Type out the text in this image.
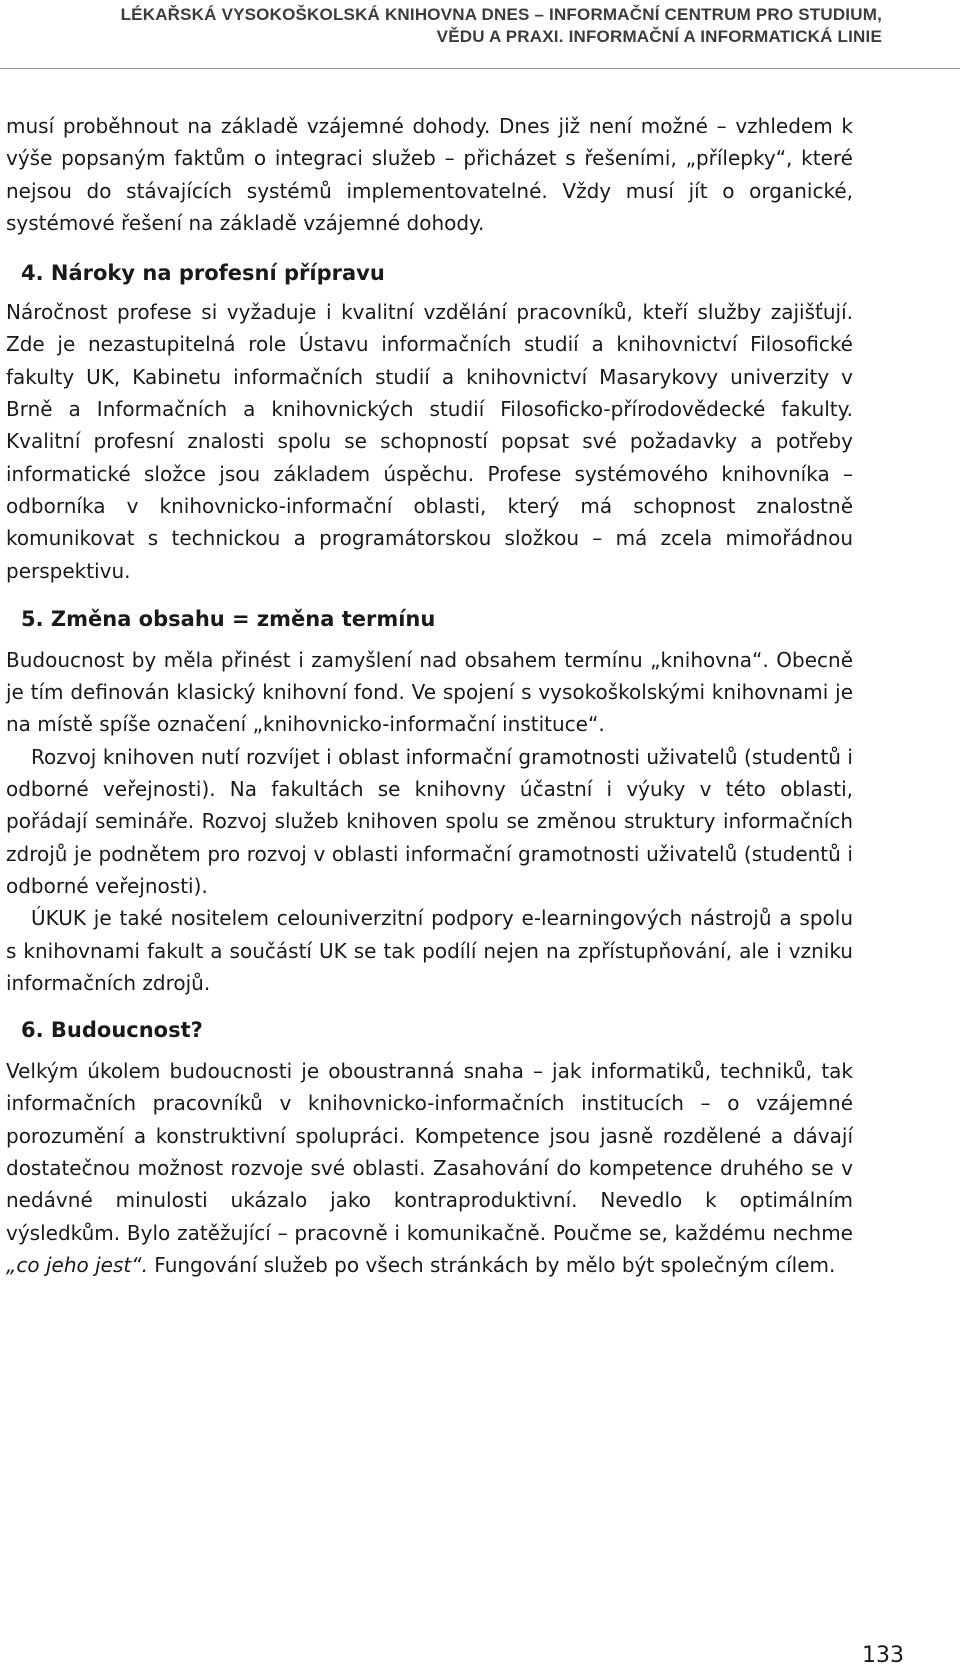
LÉKAŘSKÁ VYSOKOŠKOLSKÁ KNIHOVNA DNES – INFORMAČNÍ CENTRUM PRO STUDIUM,
VĚDU A PRAXI. INFORMAČNÍ A INFORMATICKÁ LINIE

musí proběhnout na základě vzájemné dohody. Dnes již není možné – vzhledem k výše popsaným faktům o integraci služeb – přicházet s řešeními, „přílepky“, které nejsou do stávajících systémů implementovatelné. Vždy musí jít o organické, systémové řešení na základě vzájemné dohody.

4. Nároky na profesní přípravu

Náročnost profese si vyžaduje i kvalitní vzdělání pracovníků, kteří služby zajišťují. Zde je nezastupitelná role Ústavu informačních studií a knihovnictví Filosofické fakulty UK, Kabinetu informačních studií a knihovnictví Masarykovy univerzity v Brně a Informačních a knihovnických studií Filosoficko-přírodovědecké fakulty. Kvalitní profesní znalosti spolu se schopností popsat své požadavky a potřeby informatické složce jsou základem úspěchu. Profese systémového knihovníka – odborníka v knihovnicko-informační oblasti, který má schopnost znalostně komunikovat s technickou a programátorskou složkou – má zcela mimořádnou perspektivu.

5. Změna obsahu = změna termínu

Budoucnost by měla přinést i zamyšlení nad obsahem termínu „knihovna“. Obecně je tím definován klasický knihovní fond. Ve spojení s vysokoškolskými knihovnami je na místě spíše označení „knihovnicko-informační instituce“.

Rozvoj knihoven nutí rozvíjet i oblast informační gramotnosti uživatelů (studentů i odborné veřejnosti). Na fakultách se knihovny účastní i výuky v této oblasti, pořádají semináře. Rozvoj služeb knihoven spolu se změnou struktury informačních zdrojů je podnětem pro rozvoj v oblasti informační gramotnosti uživatelů (studentů i odborné veřejnosti).

ÚKUK je také nositelem celouniverzitní podpory e-learningových nástrojů a spolu s knihovnami fakult a součástí UK se tak podílí nejen na zpřístupňování, ale i vzniku informačních zdrojů.

6. Budoucnost?

Velkým úkolem budoucnosti je oboustranná snaha – jak informatiků, techniků, tak informačních pracovníků v knihovnicko-informačních institucích – o vzájemné porozumění a konstruktivní spolupráci. Kompetence jsou jasně rozdělené a dávají dostatečnou možnost rozvoje své oblasti. Zasahování do kompetence druhého se v nedávné minulosti ukázalo jako kontraproduktivní. Nevedlo k optimálním výsledkům. Bylo zatěžující – pracovně i komunikačně. Poučme se, každému nechme „co jeho jest“. Fungování služeb po všech stránkách by mělo být společným cílem.

133
